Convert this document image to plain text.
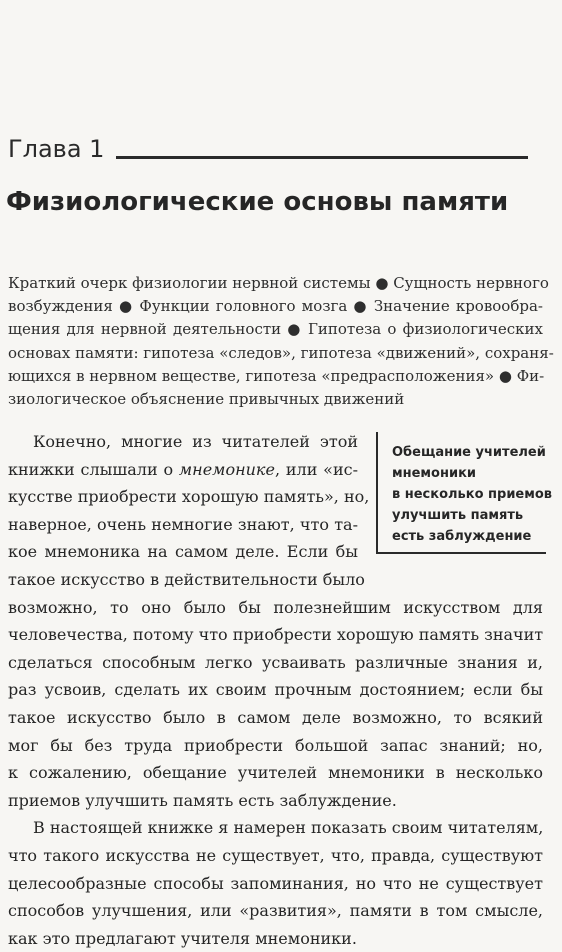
Глава 1
Физиологические основы памяти
Краткий очерк физиологии нервной системы ● Сущность нервного
возбуждения ● Функции головного мозга ● Значение кровообра-
щения для нервной деятельности ● Гипотеза о физиологических
основах памяти: гипотеза «следов», гипотеза «движений», сохраня-
ющихся в нервном веществе, гипотеза «предрасположения» ● Фи-
зиологическое объяснение привычных движений
Обещание учителей
мнемоники
в несколько приемов
улучшить память
есть заблуждение
Конечно, многие из читателей этой
книжки слышали о мнемонике, или «ис-
кусстве приобрести хорошую память», но,
наверное, очень немногие знают, что та-
кое мнемоника на самом деле. Если бы
такое искусство в действительности было
возможно, то оно было бы полезнейшим искусством для
человечества, потому что приобрести хорошую память значит
сделаться способным легко усваивать различные знания и,
раз усвоив, сделать их своим прочным достоянием; если бы
такое искусство было в самом деле возможно, то всякий
мог бы без труда приобрести большой запас знаний; но,
к сожалению, обещание учителей мнемоники в несколько
приемов улучшить память есть заблуждение.
В настоящей книжке я намерен показать своим читателям,
что такого искусства не существует, что, правда, существуют
целесообразные способы запоминания, но что не существует
способов улучшения, или «развития», памяти в том смысле,
как это предлагают учителя мнемоники.
